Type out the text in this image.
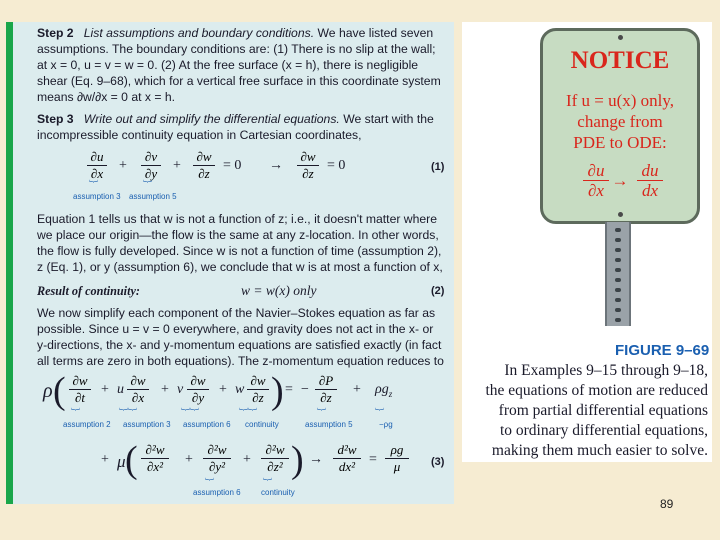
Step 2 List assumptions and boundary conditions. We have listed seven
assumptions. The boundary conditions are: (1) There is no slip at the wall;
at x = 0, u = v = w = 0. (2) At the free surface (x = h), there is negligible
shear (Eq. 9–68), which for a vertical free surface in this coordinate system
means ∂w/∂x = 0 at x = h.
Step 3 Write out and simplify the differential equations. We start with the
incompressible continuity equation in Cartesian coordinates,
∂u
∂x
+
∂v
∂y
+
∂w
∂z
= 0 →
∂w
∂z
= 0	(1)
︸	︸
assumption 3 assumption 5
Equation 1 tells us that w is not a function of z; i.e., it doesn't matter where
we place our origin—the flow is the same at any z-location. In other words,
the flow is fully developed. Since w is not a function of time (assumption 2),
z (Eq. 1), or y (assumption 6), we conclude that w is at most a function of x,
Result of continuity:	w = w(x) only	(2)
We now simplify each component of the Navier–Stokes equation as far as
possible. Since u = v = 0 everywhere, and gravity does not act in the x- or
y-directions, the x- and y-momentum equations are satisfied exactly (in fact
all terms are zero in both equations). The z-momentum equation reduces to
ρ ( ∂w
∂t
+ u
∂w
∂x
+ v
∂w
∂y
+ w
∂w
∂z ) = −
∂P
∂z
+ $\rho g_z$
︸	︸︸	︸︸	︸︸	︸	︸
assumption 2 assumption 3 assumption 6 continuity	assumption 5	−ρg
+ μ ( ∂²w
∂x²	+
∂²w
∂y²	+
∂²w
∂z² ) →
d²w
dx² =
ρg
μ	(3)
︸	︸
assumption 6	continuity
NOTICE
If u = u(x) only,
change from
PDE to ODE:
∂u
∂x
→
du
dx
FIGURE 9–69
In Examples 9–15 through 9–18,
the equations of motion are reduced
from partial differential equations
to ordinary differential equations,
making them much easier to solve.
89
